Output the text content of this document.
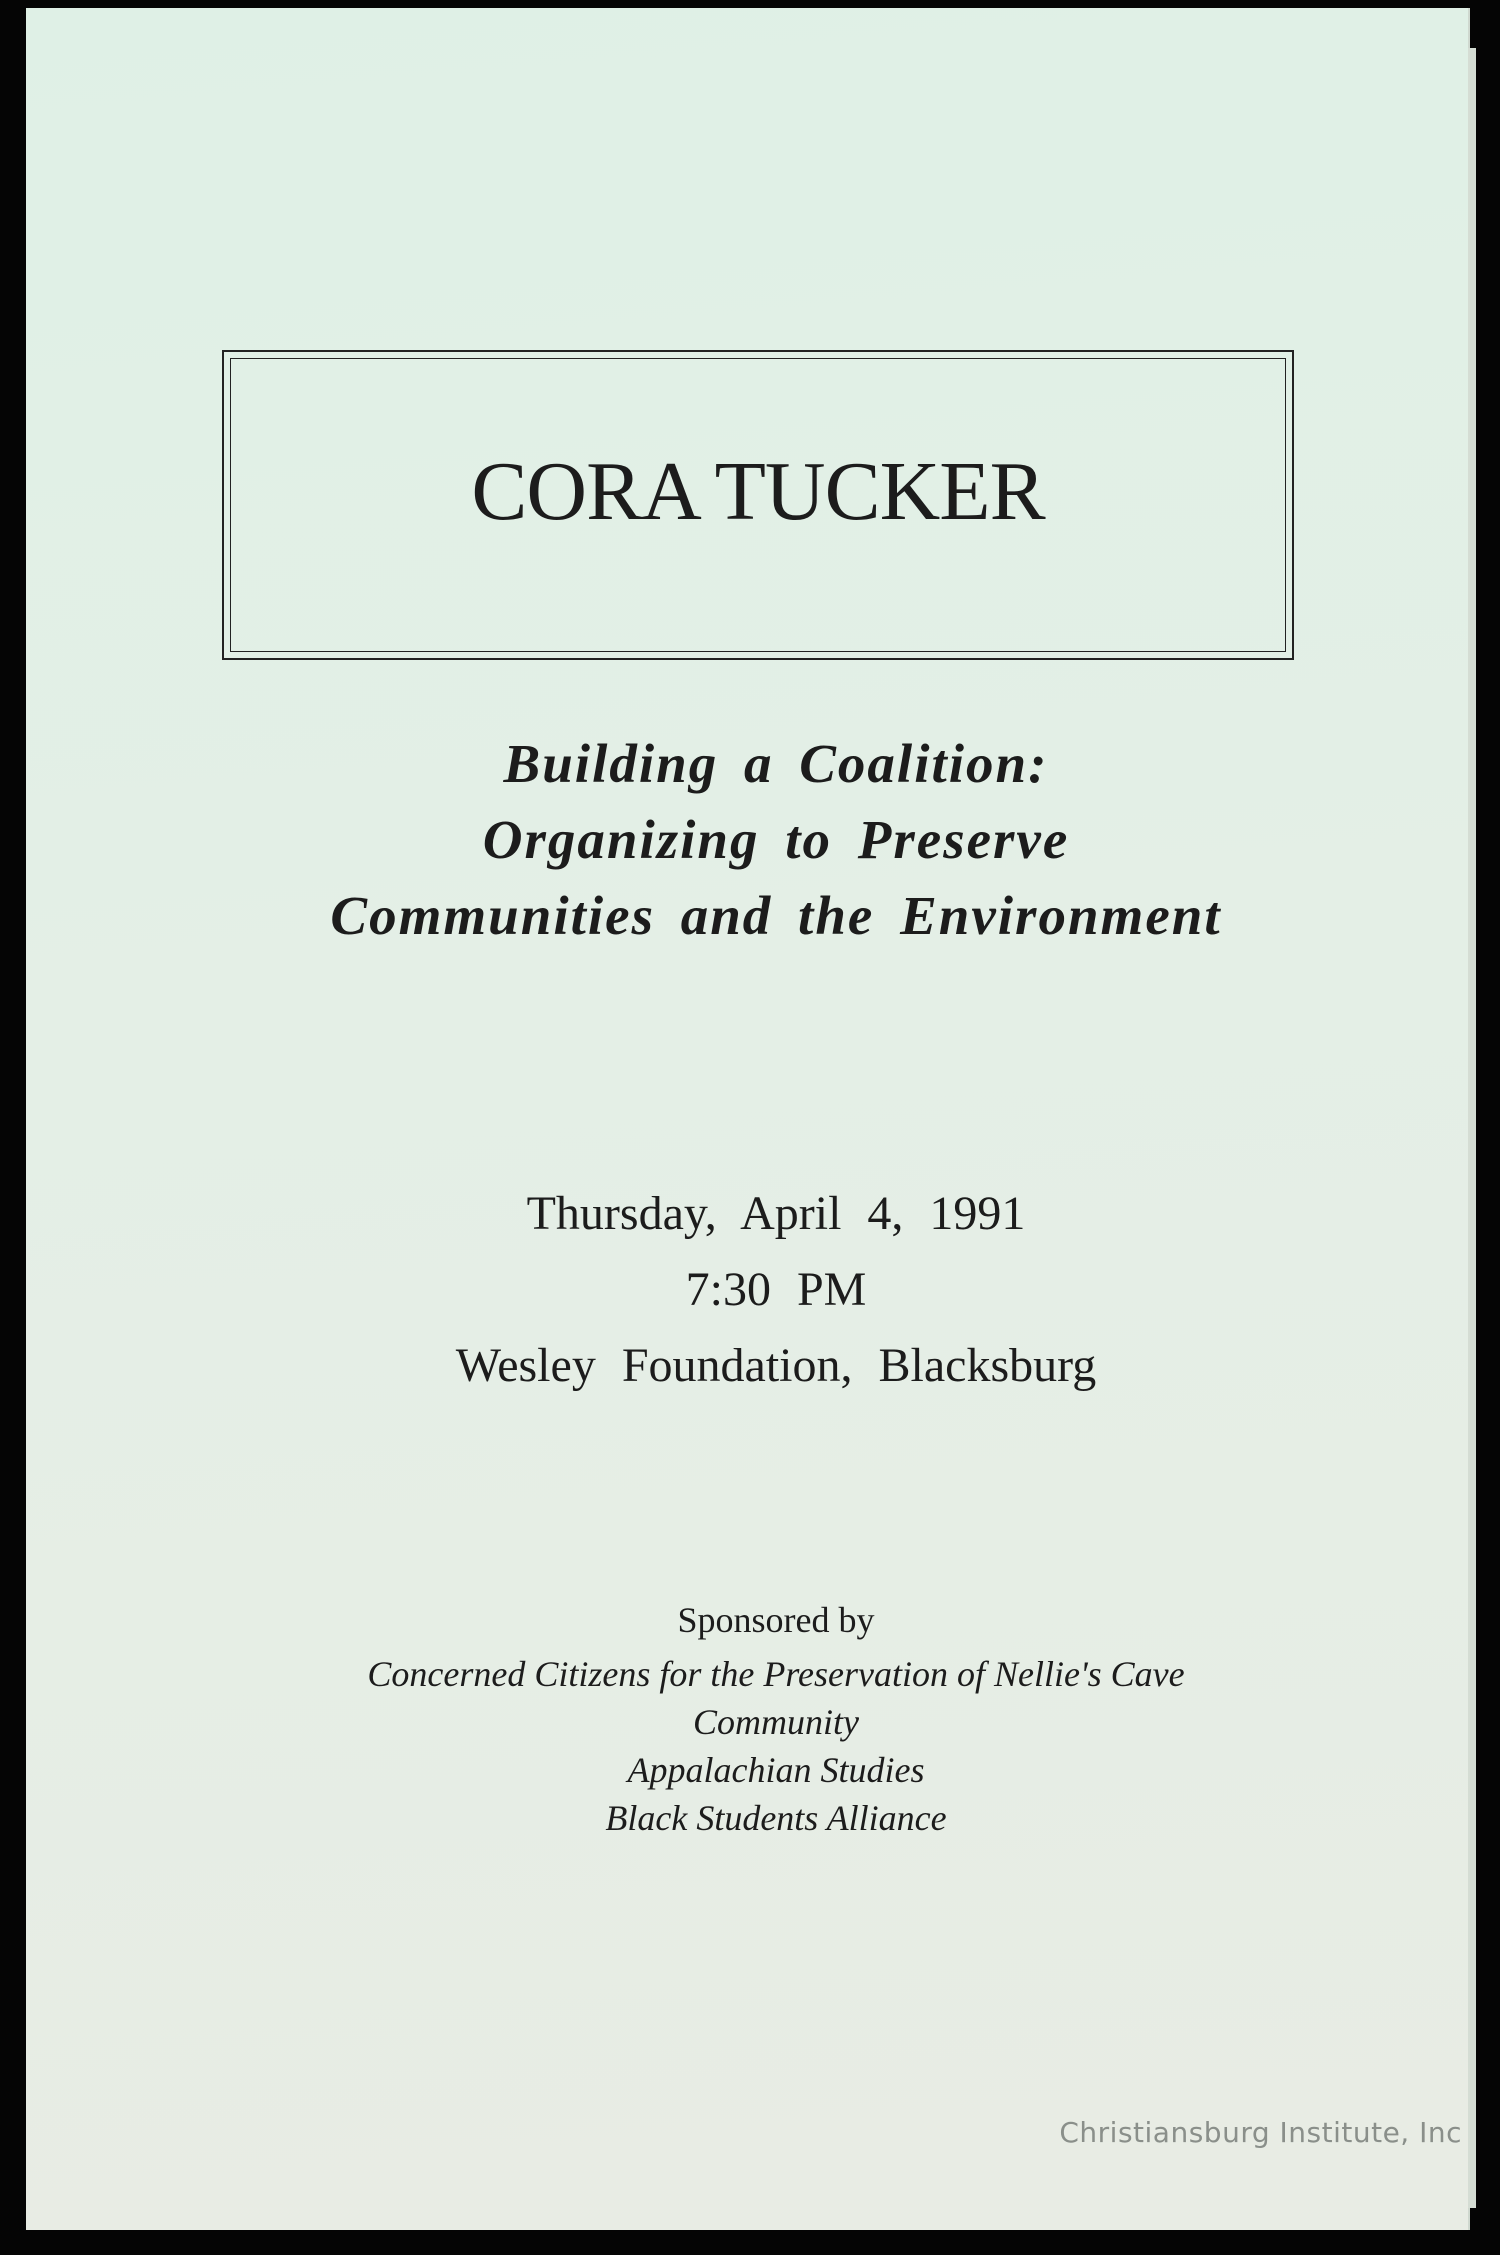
CORA TUCKER
Building a Coalition:
Organizing to Preserve
Communities and the Environment
Thursday, April 4, 1991
7:30 PM
Wesley Foundation, Blacksburg
Sponsored by
Concerned Citizens for the Preservation of Nellie's Cave
Community
Appalachian Studies
Black Students Alliance
Christiansburg Institute, Inc
